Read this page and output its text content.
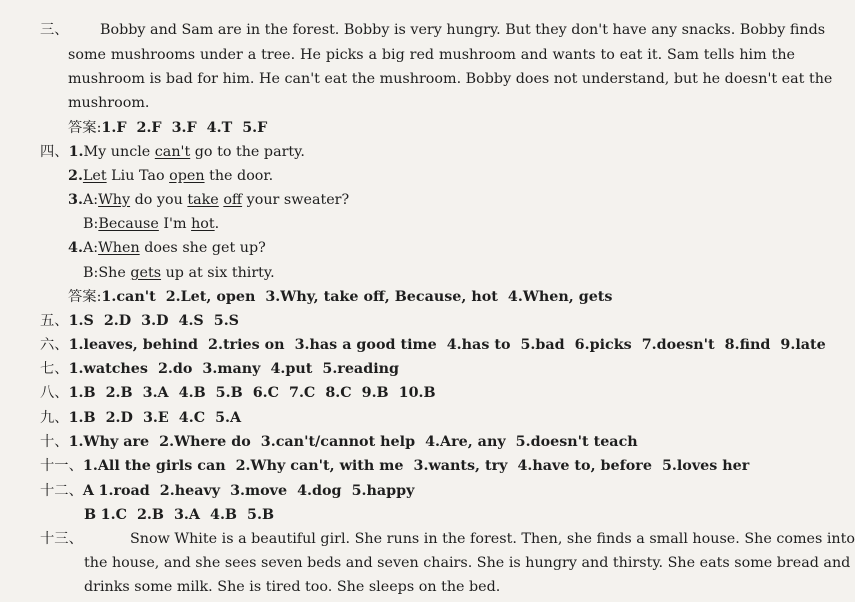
三、 Bobby and Sam are in the forest. Bobby is very hungry. But they don't have any snacks. Bobby finds
some mushrooms under a tree. He picks a big red mushroom and wants to eat it. Sam tells him the
mushroom is bad for him. He can't eat the mushroom. Bobby does not understand, but he doesn't eat the
mushroom.
答案:1.F 2.F 3.F 4.T 5.F
四、1.My uncle can't go to the party.
2.Let Liu Tao open the door.
3.A:Why do you take off your sweater?
B:Because I'm hot.
4.A:When does she get up?
B:She gets up at six thirty.
答案:1.can't 2.Let, open 3.Why, take off, Because, hot 4.When, gets
五、1.S 2.D 3.D 4.S 5.S
六、1.leaves, behind 2.tries on 3.has a good time 4.has to 5.bad 6.picks 7.doesn't 8.find 9.late
七、1.watches 2.do 3.many 4.put 5.reading
八、1.B 2.B 3.A 4.B 5.B 6.C 7.C 8.C 9.B 10.B
九、1.B 2.D 3.E 4.C 5.A
十、1.Why are 2.Where do 3.can't/cannot help 4.Are, any 5.doesn't teach
十一、1.All the girls can 2.Why can't, with me 3.wants, try 4.have to, before 5.loves her
十二、A 1.road 2.heavy 3.move 4.dog 5.happy
B 1.C 2.B 3.A 4.B 5.B
十三、	Snow White is a beautiful girl. She runs in the forest. Then, she finds a small house. She comes into
the house, and she sees seven beds and seven chairs. She is hungry and thirsty. She eats some bread and
drinks some milk. She is tired too. She sleeps on the bed.
